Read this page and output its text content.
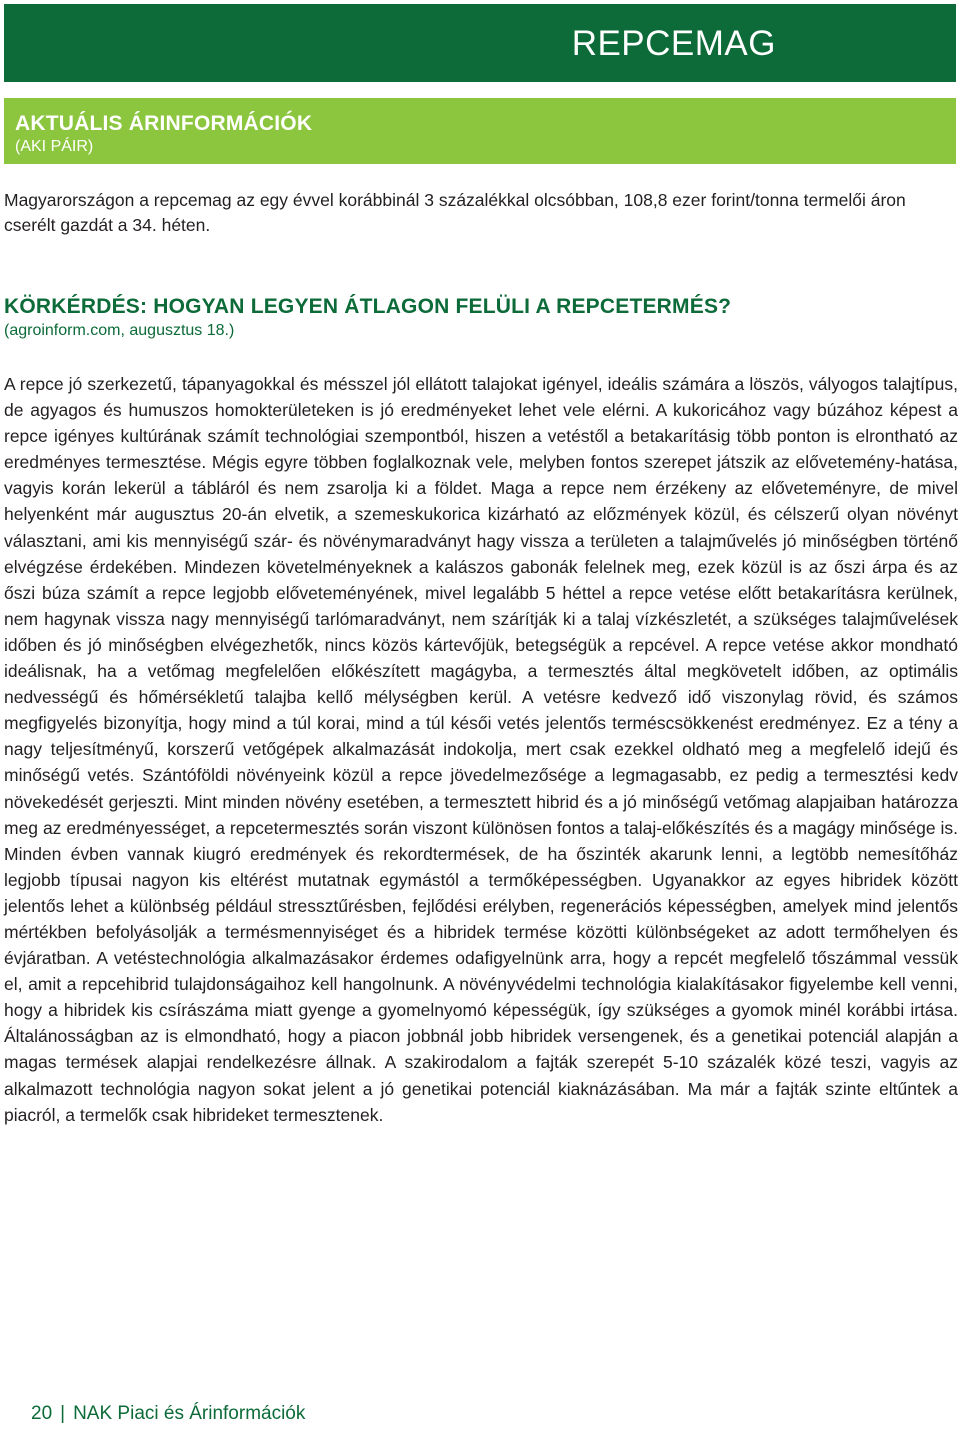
REPCEMAG
AKTUÁLIS ÁRINFORMÁCIÓK
(AKI PÁIR)

Magyarországon a repcemag az egy évvel korábbinál 3 százalékkal olcsóbban, 108,8 ezer forint/tonna termelői áron cserélt gazdát a 34. héten.

KÖRKÉRDÉS: HOGYAN LEGYEN ÁTLAGON FELÜLI A REPCETERMÉS?
(agroinform.com, augusztus 18.)

A repce jó szerkezetű, tápanyagokkal és mésszel jól ellátott talajokat igényel, ideális számára a löszös, vályogos talajtípus, de agyagos és humuszos homokterületeken is jó eredményeket lehet vele elérni. A kukoricához vagy búzához képest a repce igényes kultúrának számít technológiai szempontból, hiszen a vetéstől a betakarításig több ponton is elrontható az eredményes termesztése. Mégis egyre többen foglalkoznak vele, melyben fontos szerepet játszik az elővetemény-hatása, vagyis korán lekerül a tábláról és nem zsarolja ki a földet. Maga a repce nem érzékeny az előveteményre, de mivel helyenként már augusztus 20-án elvetik, a szemeskukorica kizárható az előzmények közül, és célszerű olyan növényt választani, ami kis mennyiségű szár- és növénymaradványt hagy vissza a területen a talajművelés jó minőségben történő elvégzése érdekében. Mindezen követelményeknek a kalászos gabonák felelnek meg, ezek közül is az őszi árpa és az őszi búza számít a repce legjobb előveteményének, mivel legalább 5 héttel a repce vetése előtt betakarításra kerülnek, nem hagynak vissza nagy mennyiségű tarlómaradványt, nem szárítják ki a talaj vízkészletét, a szükséges talajművelések időben és jó minőségben elvégezhetők, nincs közös kártevőjük, betegségük a repcével. A repce vetése akkor mondható ideálisnak, ha a vetőmag megfelelően előkészített magágyba, a termesztés által megkövetelt időben, az optimális nedvességű és hőmérsékletű talajba kellő mélységben kerül. A vetésre kedvező idő viszonylag rövid, és számos megfigyelés bizonyítja, hogy mind a túl korai, mind a túl késői vetés jelentős terméscsökkenést eredményez. Ez a tény a nagy teljesítményű, korszerű vetőgépek alkalmazását indokolja, mert csak ezekkel oldható meg a megfelelő idejű és minőségű vetés. Szántóföldi növényeink közül a repce jövedelmezősége a legmagasabb, ez pedig a termesztési kedv növekedését gerjeszti. Mint minden növény esetében, a termesztett hibrid és a jó minőségű vetőmag alapjaiban határozza meg az eredményességet, a repcetermesztés során viszont különösen fontos a talaj-előkészítés és a magágy minősége is. Minden évben vannak kiugró eredmények és rekordtermések, de ha őszinték akarunk lenni, a legtöbb nemesítőház legjobb típusai nagyon kis eltérést mutatnak egymástól a termőképességben. Ugyanakkor az egyes hibridek között jelentős lehet a különbség például stressztűrésben, fejlődési erélyben, regenerációs képességben, amelyek mind jelentős mértékben befolyásolják a termésmennyiséget és a hibridek termése közötti különbségeket az adott termőhelyen és évjáratban. A vetéstechnológia alkalmazásakor érdemes odafigyelnünk arra, hogy a repcét megfelelő tőszámmal vessük el, amit a repcehibrid tulajdonságaihoz kell hangolnunk. A növényvédelmi technológia kialakításakor figyelembe kell venni, hogy a hibridek kis csírászáma miatt gyenge a gyomelnyomó képességük, így szükséges a gyomok minél korábbi irtása. Általánosságban az is elmondható, hogy a piacon jobbnál jobb hibridek versengenek, és a genetikai potenciál alapján a magas termések alapjai rendelkezésre állnak. A szakirodalom a fajták szerepét 5-10 százalék közé teszi, vagyis az alkalmazott technológia nagyon sokat jelent a jó genetikai potenciál kiaknázásában. Ma már a fajták szinte eltűntek a piacról, a termelők csak hibrideket termesztenek.

20 | NAK Piaci és Árinformációk
